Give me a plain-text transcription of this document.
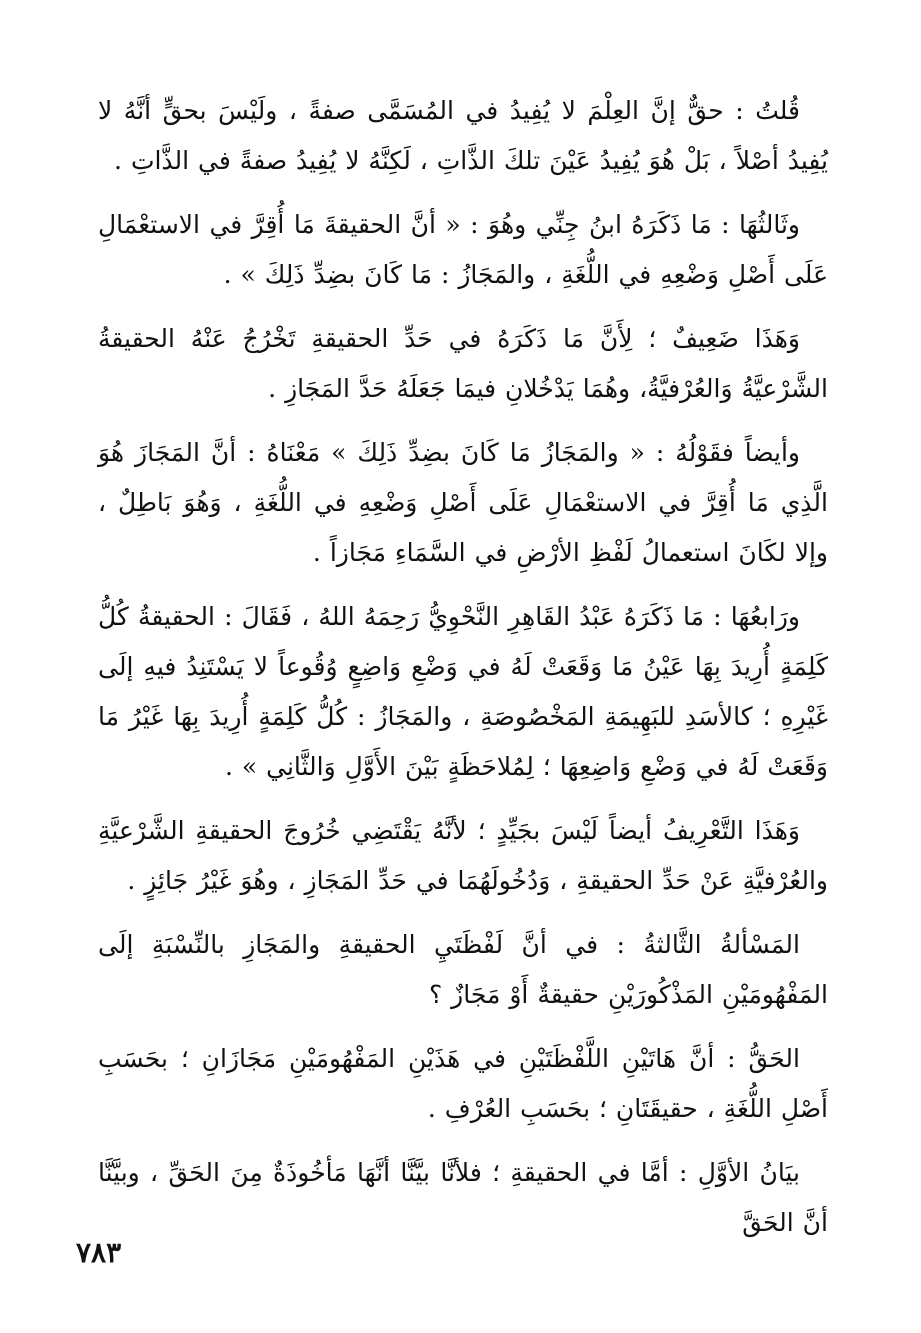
قُلتُ : حقٌّ إنَّ العِلْمَ لا يُفِيدُ في المُسَمَّى صفةً ، ولَيْسَ بحقٍّ أنَّهُ لا يُفِيدُ أصْلاً ، بَلْ هُوَ يُفِيدُ عَيْنَ تلكَ الذَّاتِ ، لَكِنَّهُ لا يُفِيدُ صفةً في الذَّاتِ .

وثَالثُهَا : مَا ذَكَرَهُ ابنُ جِنِّي وهُوَ : « أنَّ الحقيقةَ مَا أُقِرَّ في الاستعْمَالِ عَلَى أَصْلِ وَضْعِهِ في اللُّغَةِ ، والمَجَازُ : مَا كَانَ بضِدِّ ذَلِكَ » .

وَهَذَا ضَعِيفٌ ؛ لِأَنَّ مَا ذَكَرَهُ في حَدِّ الحقيقةِ تَخْرُجُ عَنْهُ الحقيقةُ الشَّرْعيَّةُ وَالعُرْفيَّةُ، وهُمَا يَدْخُلانِ فيمَا جَعَلَهُ حَدَّ المَجَازِ .

وأيضاً فقَوْلُهُ : « والمَجَازُ مَا كَانَ بضِدِّ ذَلِكَ » مَعْنَاهُ : أنَّ المَجَازَ هُوَ الَّذِي مَا أُقِرَّ في الاستعْمَالِ عَلَى أَصْلِ وَضْعِهِ في اللُّغَةِ ، وَهُوَ بَاطِلٌ ، وإلا لكَانَ استعمالُ لَفْظِ الأرْضِ في السَّمَاءِ مَجَازاً .

ورَابعُهَا : مَا ذَكَرَهُ عَبْدُ القَاهِرِ النَّحْوِيُّ رَحِمَهُ اللهُ ، فَقَالَ : الحقيقةُ كُلُّ كَلِمَةٍ أُرِيدَ بِهَا عَيْنُ مَا وَقَعَتْ لَهُ في وَضْعِ وَاضِعٍ وُقُوعاً لا يَسْتَنِدُ فيهِ إلَى غَيْرِهِ ؛ كالأسَدِ للبَهِيمَةِ المَخْصُوصَةِ ، والمَجَازُ : كُلُّ كَلِمَةٍ أُرِيدَ بِهَا غَيْرُ مَا وَقَعَتْ لَهُ في وَضْعِ وَاضِعِهَا ؛ لِمُلاحَظَةٍ بَيْنَ الأَوَّلِ وَالثَّانِي » .

وَهَذَا التَّعْرِيفُ أيضاً لَيْسَ بجَيِّدٍ ؛ لأنَّهُ يَقْتَضِي خُرُوجَ الحقيقةِ الشَّرْعيَّةِ والعُرْفيَّةِ عَنْ حَدِّ الحقيقةِ ، وَدُخُولَهُمَا في حَدِّ المَجَازِ ، وهُوَ غَيْرُ جَائِزٍ .

المَسْألةُ الثَّالثةُ : في أنَّ لَفْظَتَيِ الحقيقةِ والمَجَازِ بالنِّسْبَةِ إلَى المَفْهُومَيْنِ المَذْكُورَيْنِ حقيقةٌ أَوْ مَجَازٌ ؟

الحَقُّ : أنَّ هَاتَيْنِ اللَّفْظَتَيْنِ في هَذَيْنِ المَفْهُومَيْنِ مَجَازَانِ ؛ بحَسَبِ أَصْلِ اللُّغَةِ ، حقيقَتَانِ ؛ بحَسَبِ العُرْفِ .

بيَانُ الأوَّلِ : أمَّا في الحقيقةِ ؛ فلأنَّا بيَّنَّا أنَّهَا مَأخُوذَةٌ مِنَ الحَقِّ ، وبيَّنَّا أنَّ الحَقَّ

٧٨٣
